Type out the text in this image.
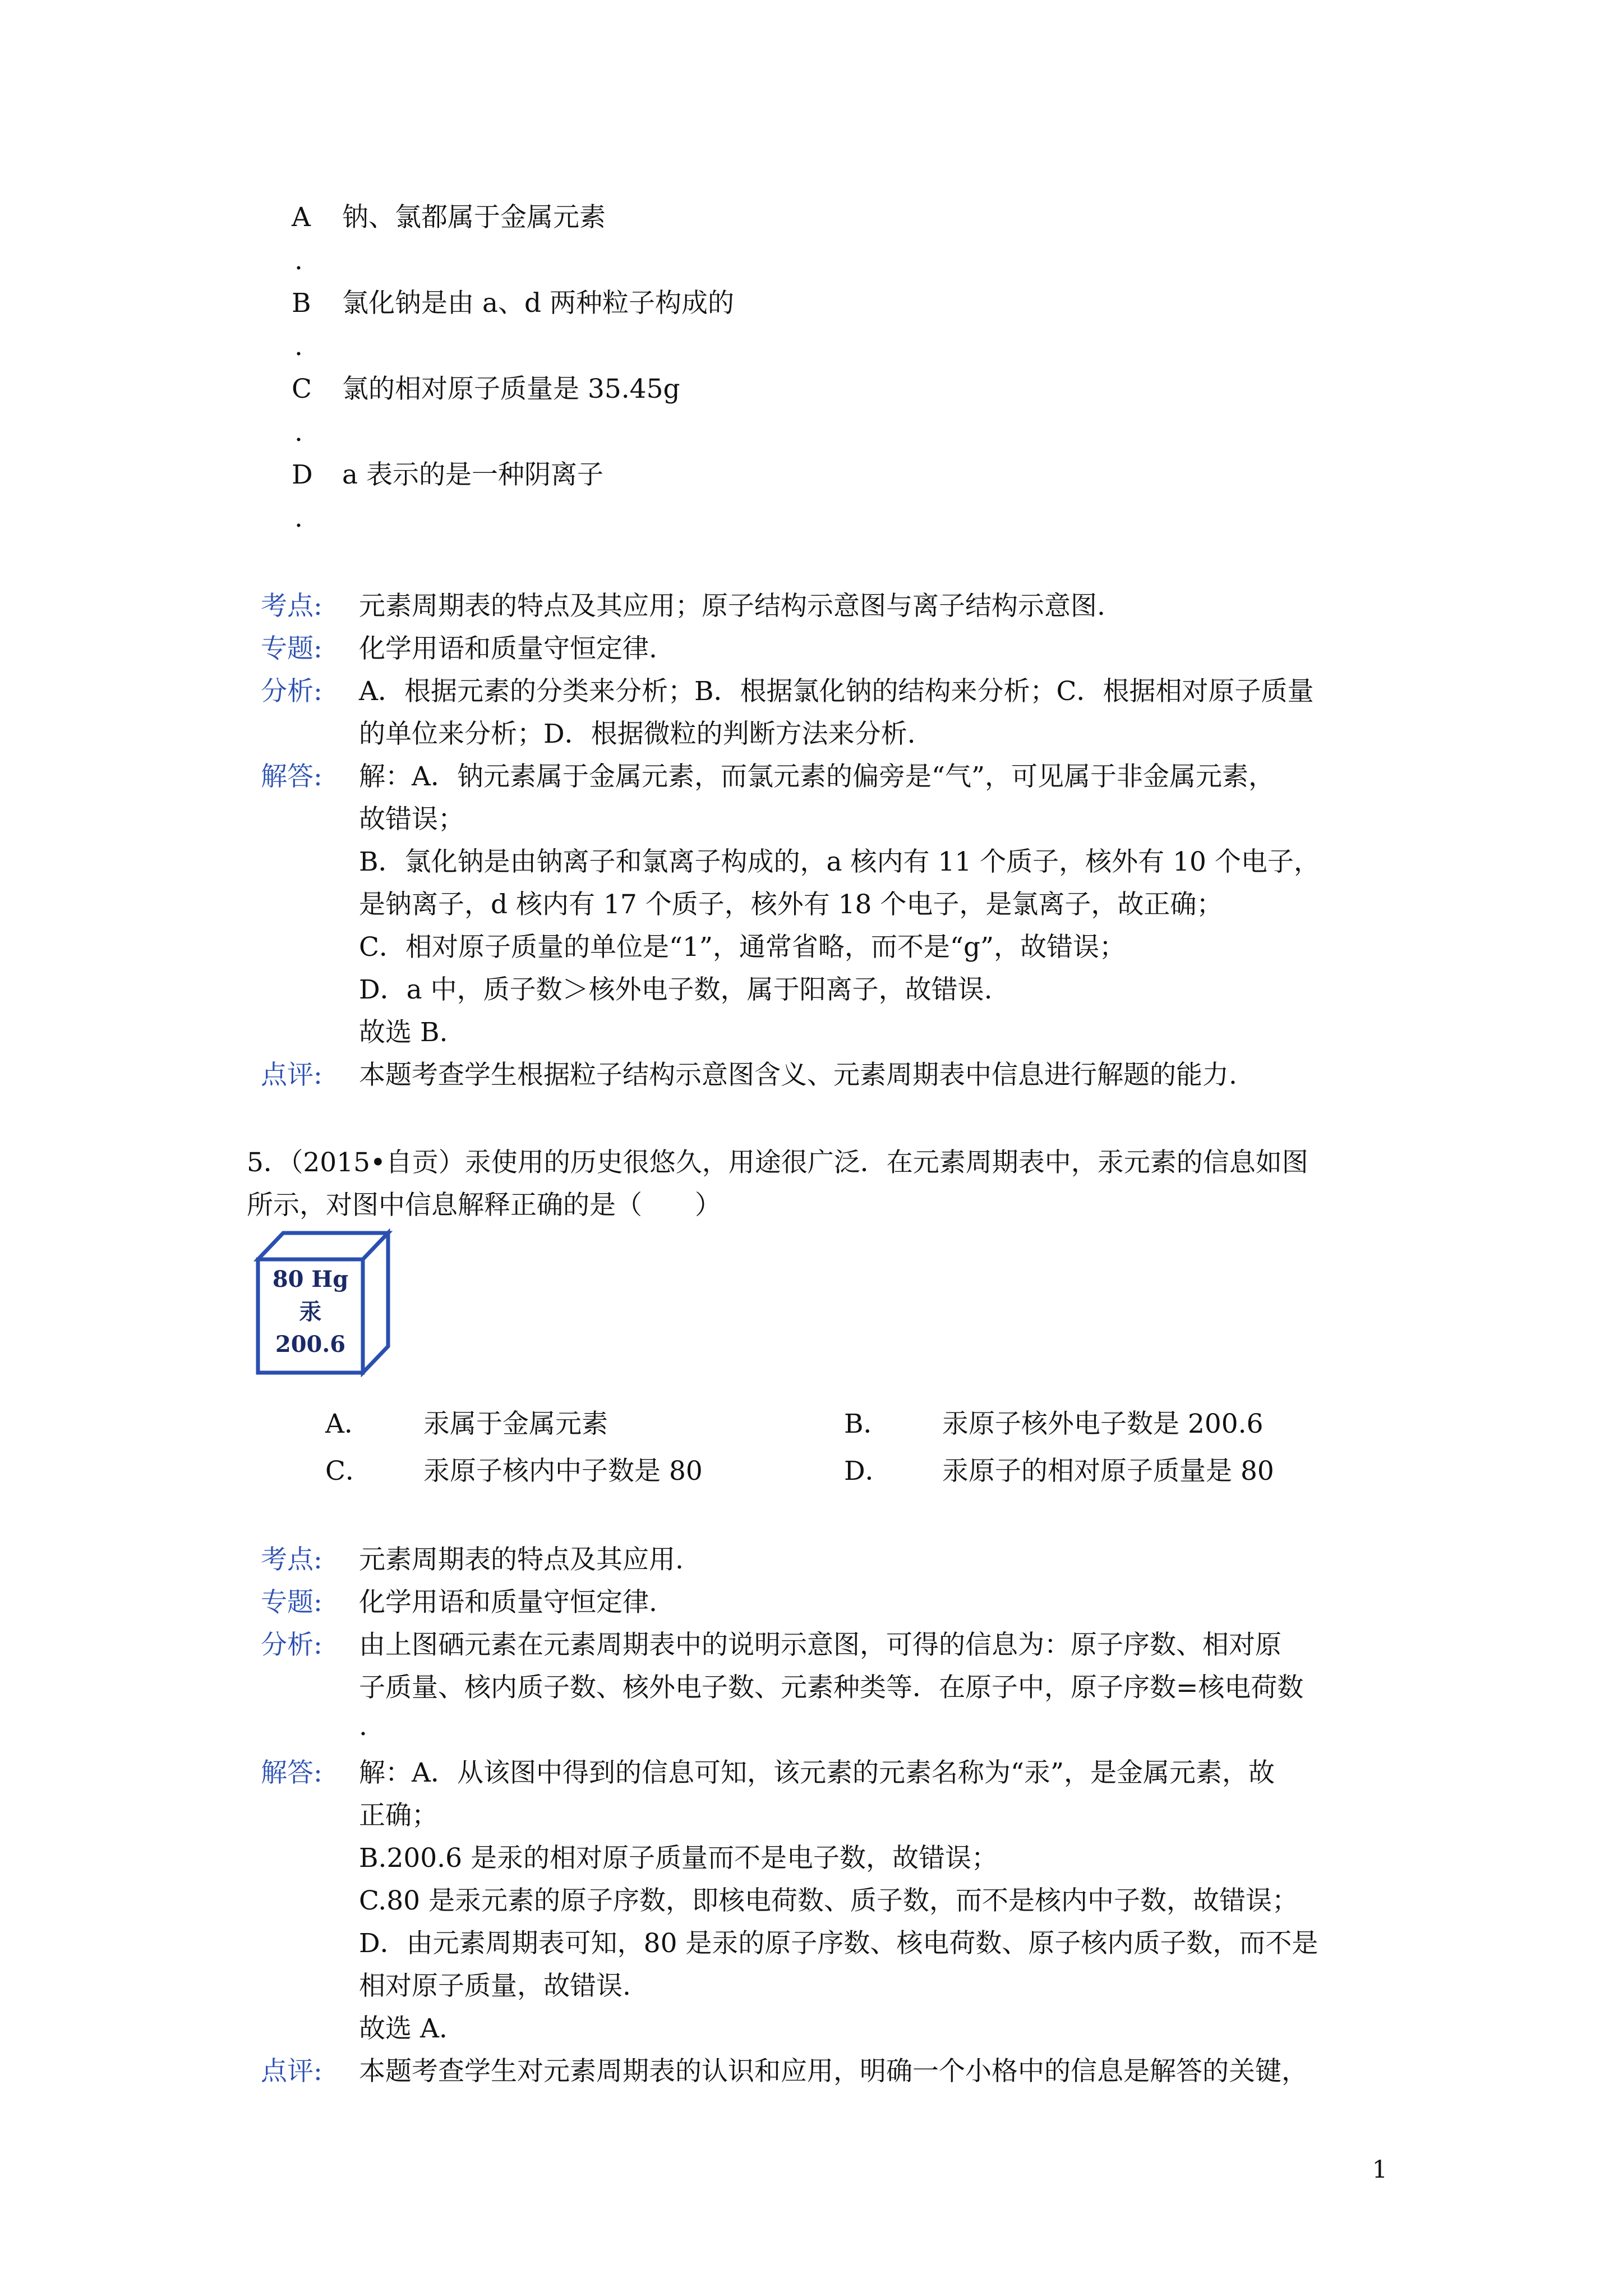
A 钠、氯都属于金属元素
.
B 氯化钠是由 a、d 两种粒子构成的
.
C 氯的相对原子质量是 35.45g
.
D a 表示的是一种阴离子
.
考点: 元素周期表的特点及其应用；原子结构示意图与离子结构示意图.
专题: 化学用语和质量守恒定律.
分析: A．根据元素的分类来分析；B．根据氯化钠的结构来分析；C．根据相对原子质量
的单位来分析；D．根据微粒的判断方法来分析.
解答: 解：A．钠元素属于金属元素，而氯元素的偏旁是“气”，可见属于非金属元素，
故错误；
B．氯化钠是由钠离子和氯离子构成的，a 核内有 11 个质子，核外有 10 个电子，
是钠离子，d 核内有 17 个质子，核外有 18 个电子，是氯离子，故正确；
C．相对原子质量的单位是“1”，通常省略，而不是“g”，故错误；
D．a 中，质子数＞核外电子数，属于阳离子，故错误.
故选 B.
点评: 本题考查学生根据粒子结构示意图含义、元素周期表中信息进行解题的能力.
5．（2015•自贡）汞使用的历史很悠久，用途很广泛．在元素周期表中，汞元素的信息如图
所示，对图中信息解释正确的是（　　）
80 Hg
汞
200.6
A． 汞属于金属元素	B． 汞原子核外电子数是 200.6
C． 汞原子核内中子数是 80	D． 汞原子的相对原子质量是 80
考点: 元素周期表的特点及其应用.
专题: 化学用语和质量守恒定律.
分析: 由上图硒元素在元素周期表中的说明示意图，可得的信息为：原子序数、相对原
子质量、核内质子数、核外电子数、元素种类等．在原子中，原子序数=核电荷数
.
解答: 解：A．从该图中得到的信息可知，该元素的元素名称为“汞”，是金属元素，故
正确；
B.200.6 是汞的相对原子质量而不是电子数，故错误；
C.80 是汞元素的原子序数，即核电荷数、质子数，而不是核内中子数，故错误；
D．由元素周期表可知，80 是汞的原子序数、核电荷数、原子核内质子数，而不是
相对原子质量，故错误.
故选 A.
点评: 本题考查学生对元素周期表的认识和应用，明确一个小格中的信息是解答的关键，
1
